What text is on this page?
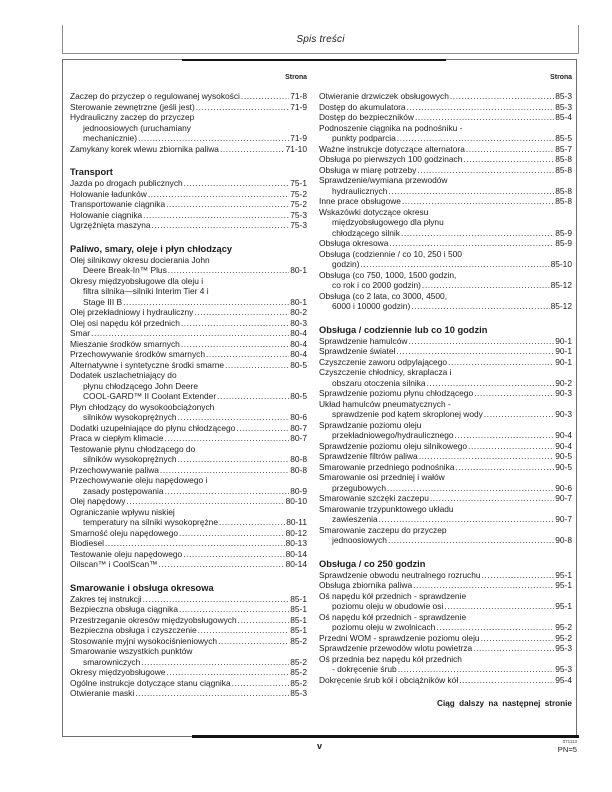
Spis treści
Strona
Zaczep do przyczep o regulowanej wysokości .....	71-8
Sterowanie zewnętrzne (jeśli jest) .....	71-9
Hydrauliczny zaczep do przyczep
jednoosiowych (uruchamiany
mechanicznie) .....	71-9
Zamykany korek wlewu zbiornika paliwa .....	71-10
Transport
Jazda po drogach publicznych .....	75-1
Holowanie ładunków .....	75-2
Transportowanie ciągnika .....	75-2
Holowanie ciągnika .....	75-3
Ugrzęźnięta maszyna .....	75-3
Paliwo, smary, oleje i płyn chłodzący
Olej silnikowy okresu docierania John
Deere Break-In™ Plus .....	80-1
Okresy międzyobsługowe dla oleju i
filtra silnika—silniki Interim Tier 4 i
Stage III B .....	80-1
Olej przekładniowy i hydrauliczny .....	80-2
Olej osi napędu kół przednich .....	80-3
Smar .....	80-4
Mieszanie środków smarnych .....	80-4
Przechowywanie środków smarnych .....	80-4
Alternatywne i syntetyczne środki smarne .....	80-5
Dodatek uszlachetniający do
płynu chłodzącego John Deere
COOL-GARD™ II Coolant Extender .....	80-5
Płyn chłodzący do wysokoobciążonych
silników wysokoprężnych .....	80-6
Dodatki uzupełniające do płynu chłodzącego .....	80-7
Praca w ciepłym klimacie .....	80-7
Testowanie płynu chłodzącego do
silników wysokoprężnych .....	80-8
Przechowywanie paliwa .....	80-8
Przechowywanie oleju napędowego i
zasady postępowania .....	80-9
Olej napędowy .....	80-10
Ograniczanie wpływu niskiej
temperatury na silniki wysokoprężne .....	80-11
Smarność oleju napędowego .....	80-12
Biodiesel .....	80-13
Testowanie oleju napędowego .....	80-14
Oilscan™ i CoolScan™ .....	80-14
Smarowanie i obsługa okresowa
Zakres tej instrukcji .....	85-1
Bezpieczna obsługa ciągnika .....	85-1
Przestrzeganie okresów międzyobsługowych .....	85-1
Bezpieczna obsługa i czyszczenie .....	85-1
Stosowanie myjni wysokociśnieniowych .....	85-2
Smarowanie wszystkich punktów
smarowniczych .....	85-2
Okresy międzyobsługowe .....	85-2
Ogólne instrukcje dotyczące stanu ciągnika .....	85-2
Otwieranie maski .....	85-3
Strona
Otwieranie drzwiczek obsługowych .....	85-3
Dostęp do akumulatora .....	85-3
Dostęp do bezpieczników .....	85-4
Podnoszenie ciągnika na podnośniku -
punkty podparcia .....	85-5
Ważne instrukcje dotyczące alternatora .....	85-7
Obsługa po pierwszych 100 godzinach .....	85-8
Obsługa w miarę potrzeby .....	85-8
Sprawdzenie/wymiana przewodów
hydraulicznych .....	85-8
Inne prace obsługowe .....	85-8
Wskazówki dotyczące okresu
międzyobsługowego dla płynu
chłodzącego silnik .....	85-9
Obsługa okresowa .....	85-9
Obsługa (codziennie / co 10, 250 i 500
godzin) .....	85-10
Obsługa (co 750, 1000, 1500 godzin,
co rok i co 2000 godzin) .....	85-12
Obsługa (co 2 lata, co 3000, 4500,
6000 i 10000 godzin) .....	85-12
Obsługa / codziennie lub co 10 godzin
Sprawdzenie hamulców .....	90-1
Sprawdzenie świateł .....	90-1
Czyszczenie zaworu odpylającego .....	90-1
Czyszczenie chłodnicy, skraplacza i
obszaru otoczenia silnika .....	90-2
Sprawdzenie poziomu płynu chłodzącego .....	90-3
Układ hamulców pneumatycznych -
sprawdzenie pod kątem skroplonej wody .....	90-3
Sprawdzanie poziomu oleju
przekładniowego/hydraulicznego .....	90-4
Sprawdzenie poziomu oleju silnikowego .....	90-4
Sprawdzenie filtrów paliwa .....	90-5
Smarowanie przedniego podnośnika .....	90-5
Smarowanie osi przedniej i wałów
przegubowych .....	90-6
Smarowanie szczęki zaczepu .....	90-7
Smarowanie trzypunktowego układu
zawieszenia .....	90-7
Smarowanie zaczepu do przyczep
jednoosiowych .....	90-8
Obsługa / co 250 godzin
Sprawdzenie obwodu neutralnego rozruchu .....	95-1
Obsługa zbiornika paliwa .....	95-1
Oś napędu kół przednich - sprawdzenie
poziomu oleju w obudowie osi .....	95-1
Oś napędu kół przednich - sprawdzenie
poziomu oleju w zwolnicach .....	95-2
Przedni WOM - sprawdzenie poziomu oleju .....	95-2
Sprawdzenie przewodów wlotu powietrza .....	95-3
Oś przednia bez napędu kół przednich
- dokręcenie śrub .....	95-3
Dokręcenie śrub kół i obciążników kół .....	95-4
Ciąg dalszy na następnej stronie
v	071113
PN=5
